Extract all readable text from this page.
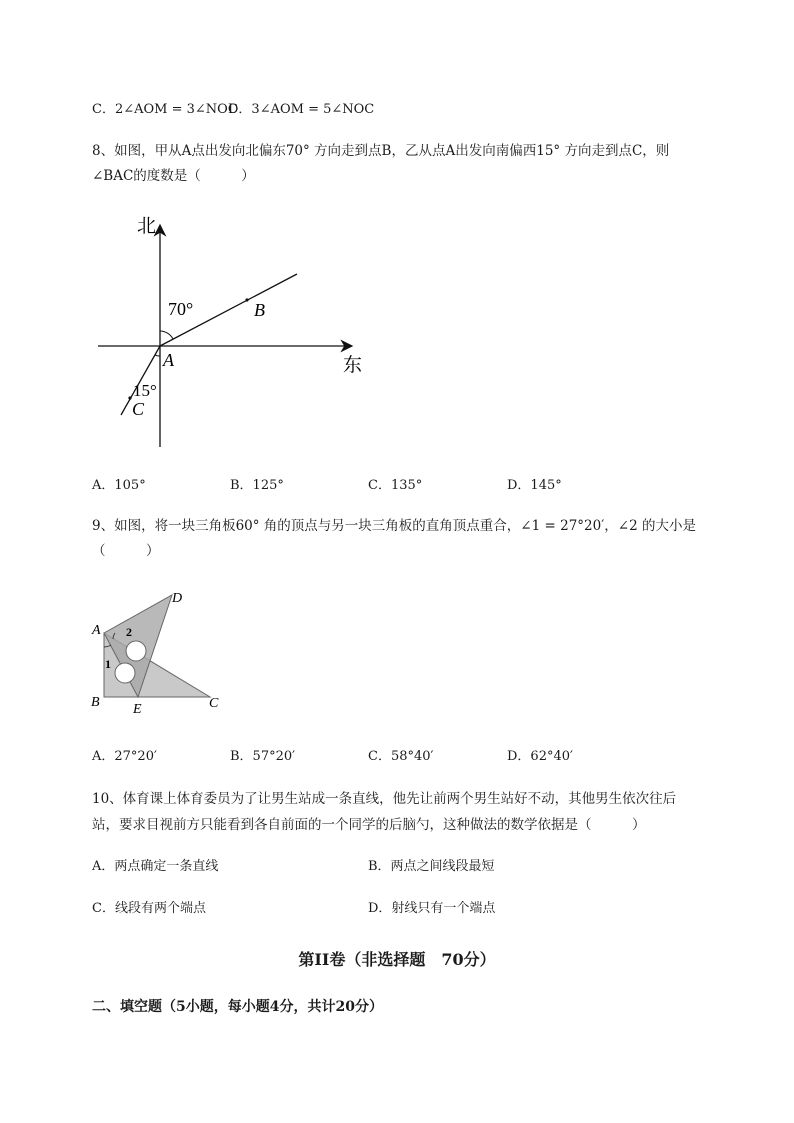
C．2∠AOM = 3∠NOC
D．3∠AOM = 5∠NOC
8、如图，甲从A点出发向北偏东70° 方向走到点B，乙从点A出发向南偏西15° 方向走到点C，则
∠BAC的度数是（　　　）
北
东
70°
15°
A
B
C
A．105°	B．125°	C．135°	D．145°
9、如图，将一块三角板60° 角的顶点与另一块三角板的直角顶点重合，∠1 = 27°20′，∠2 的大小是
（　　　）
A
B	C
D
E
1
2
A．27°20′	B．57°20′	C．58°40′	D．62°40′
10、体育课上体育委员为了让男生站成一条直线，他先让前两个男生站好不动，其他男生依次往后
站，要求目视前方只能看到各自前面的一个同学的后脑勺，这种做法的数学依据是（　　　）
A．两点确定一条直线	B．两点之间线段最短
C．线段有两个端点	D．射线只有一个端点
第II卷（非选择题　70分）
二、填空题（5小题，每小题4分，共计20分）
